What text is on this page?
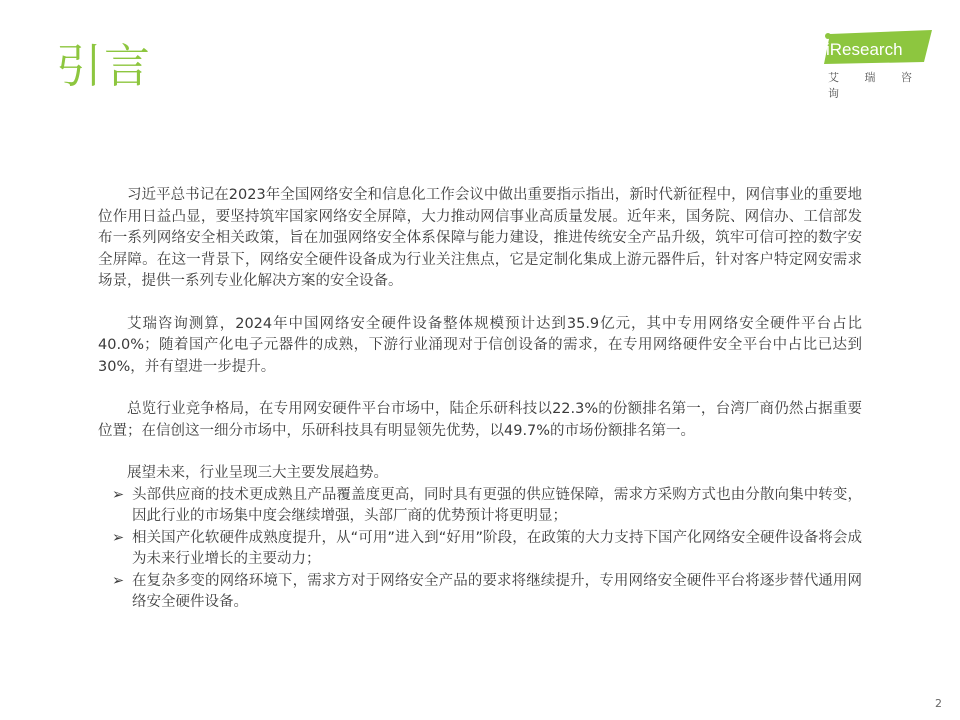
引言	iResearch
艾 瑞 咨 询

习近平总书记在2023年全国网络安全和信息化工作会议中做出重要指示指出，新时代新征程中，网信事业的重要地位作用日益凸显，要坚持筑牢国家网络安全屏障，大力推动网信事业高质量发展。近年来，国务院、网信办、工信部发布一系列网络安全相关政策，旨在加强网络安全体系保障与能力建设，推进传统安全产品升级，筑牢可信可控的数字安全屏障。在这一背景下，网络安全硬件设备成为行业关注焦点，它是定制化集成上游元器件后，针对客户特定网安需求场景，提供一系列专业化解决方案的安全设备。

艾瑞咨询测算，2024年中国网络安全硬件设备整体规模预计达到35.9亿元，其中专用网络安全硬件平台占比40.0%；随着国产化电子元器件的成熟，下游行业涌现对于信创设备的需求，在专用网络硬件安全平台中占比已达到30%，并有望进一步提升。

总览行业竞争格局，在专用网安硬件平台市场中，陆企乐研科技以22.3%的份额排名第一，台湾厂商仍然占据重要位置；在信创这一细分市场中，乐研科技具有明显领先优势，以49.7%的市场份额排名第一。

展望未来，行业呈现三大主要发展趋势。

➢ 头部供应商的技术更成熟且产品覆盖度更高，同时具有更强的供应链保障，需求方采购方式也由分散向集中转变，因此行业的市场集中度会继续增强，头部厂商的优势预计将更明显；
➢ 相关国产化软硬件成熟度提升，从“可用”进入到“好用”阶段，在政策的大力支持下国产化网络安全硬件设备将会成为未来行业增长的主要动力；
➢ 在复杂多变的网络环境下，需求方对于网络安全产品的要求将继续提升，专用网络安全硬件平台将逐步替代通用网络安全硬件设备。
2
